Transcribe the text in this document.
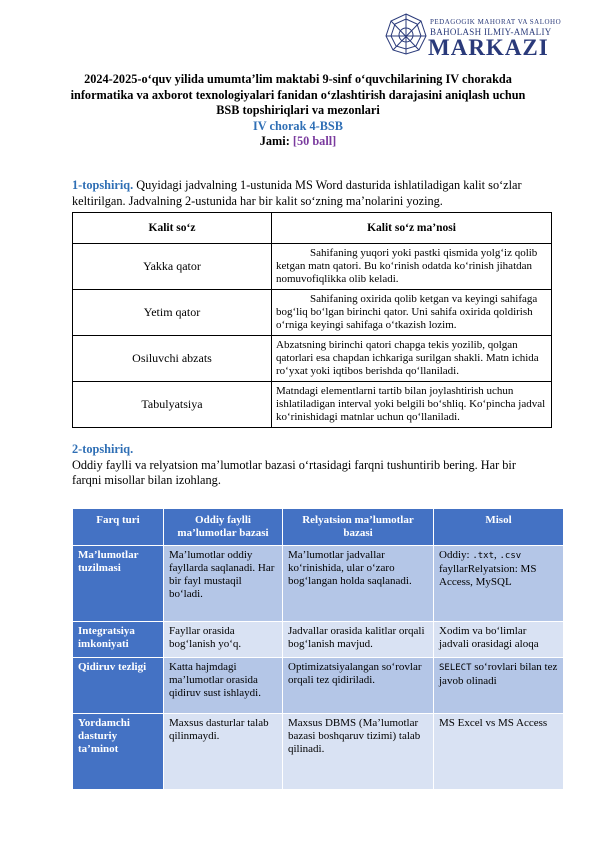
PEDAGOGIK MAHORAT VA SALOHO
BAHOLASH ILMIY-AMALIY
MARKAZI
2024-2025-o‘quv yilida umumta’lim maktabi 9-sinf o‘quvchilarining IV chorakda
informatika va axborot texnologiyalari fanidan o‘zlashtirish darajasini aniqlash uchun
BSB topshiriqlari va mezonlari
IV chorak 4-BSB
Jami: [50 ball]
1-topshiriq. Quyidagi jadvalning 1-ustunida MS Word dasturida ishlatiladigan kalit so‘zlar
keltirilgan. Jadvalning 2-ustunida har bir kalit so‘zning ma’nolarini yozing.
Kalit so‘z	Kalit so‘z ma’nosi
Yakka qator	Sahifaning yuqori yoki pastki qismida yolg‘iz qolib ketgan matn qatori. Bu ko‘rinish odatda ko‘rinish jihatdan nomuvofiqlikka olib keladi.
Yetim qator	Sahifaning oxirida qolib ketgan va keyingi sahifaga bog‘liq bo‘lgan birinchi qator. Uni sahifa oxirida qoldirish o‘rniga keyingi sahifaga o‘tkazish lozim.
Osiluvchi abzats	Abzatsning birinchi qatori chapga tekis yozilib, qolgan qatorlari esa chapdan ichkariga surilgan shakli. Matn ichida ro‘yxat yoki iqtibos berishda qo‘llaniladi.
Tabulyatsiya	Matndagi elementlarni tartib bilan joylashtirish uchun ishlatiladigan interval yoki belgili bo‘shliq. Ko‘pincha jadval ko‘rinishidagi matnlar uchun qo‘llaniladi.
2-topshiriq.
Oddiy faylli va relyatsion ma’lumotlar bazasi o‘rtasidagi farqni tushuntirib bering. Har bir
farqni misollar bilan izohlang.
Farq turi	Oddiy faylli ma’lumotlar bazasi	Relyatsion ma’lumotlar bazasi	Misol
Ma’lumotlar tuzilmasi	Ma’lumotlar oddiy fayllarda saqlanadi. Har bir fayl mustaqil bo‘ladi.	Ma’lumotlar jadvallar ko‘rinishida, ular o‘zaro bog‘langan holda saqlanadi.	Oddiy: .txt, .csv
fayllarRelyatsion: MS Access, MySQL
Integratsiya imkoniyati	Fayllar orasida bog‘lanish yo‘q.	Jadvallar orasida kalitlar orqali bog‘lanish mavjud.	Xodim va bo‘limlar jadvali orasidagi aloqa
Qidiruv tezligi	Katta hajmdagi ma’lumotlar orasida qidiruv sust ishlaydi.	Optimizatsiyalangan so‘rovlar orqali tez qidiriladi.	SELECT so‘rovlari bilan tez javob olinadi
Yordamchi dasturiy ta’minot	Maxsus dasturlar talab qilinmaydi.	Maxsus DBMS (Ma’lumotlar bazasi boshqaruv tizimi) talab qilinadi.	MS Excel vs MS Access
